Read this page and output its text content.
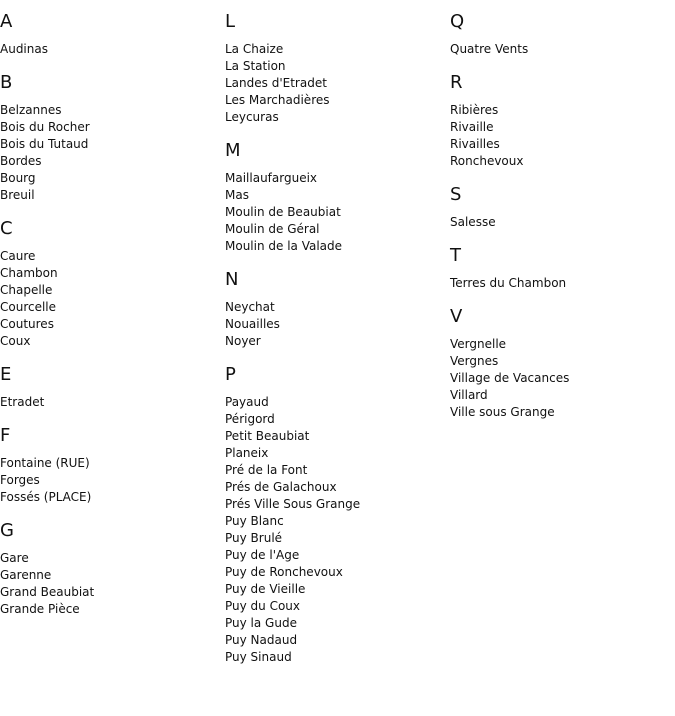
A
Audinas
B
Belzannes
Bois du Rocher
Bois du Tutaud
Bordes
Bourg
Breuil
C
Caure
Chambon
Chapelle
Courcelle
Coutures
Coux
E
Etradet
F
Fontaine (RUE)
Forges
Fossés (PLACE)
G
Gare
Garenne
Grand Beaubiat
Grande Pièce
L
La Chaize
La Station
Landes d'Etradet
Les Marchadières
Leycuras
M
Maillaufargueix
Mas
Moulin de Beaubiat
Moulin de Géral
Moulin de la Valade
N
Neychat
Nouailles
Noyer
P
Payaud
Périgord
Petit Beaubiat
Planeix
Pré de la Font
Prés de Galachoux
Prés Ville Sous Grange
Puy Blanc
Puy Brulé
Puy de l'Age
Puy de Ronchevoux
Puy de Vieille
Puy du Coux
Puy la Gude
Puy Nadaud
Puy Sinaud
Q
Quatre Vents
R
Ribières
Rivaille
Rivailles
Ronchevoux
S
Salesse
T
Terres du Chambon
V
Vergnelle
Vergnes
Village de Vacances
Villard
Ville sous Grange
